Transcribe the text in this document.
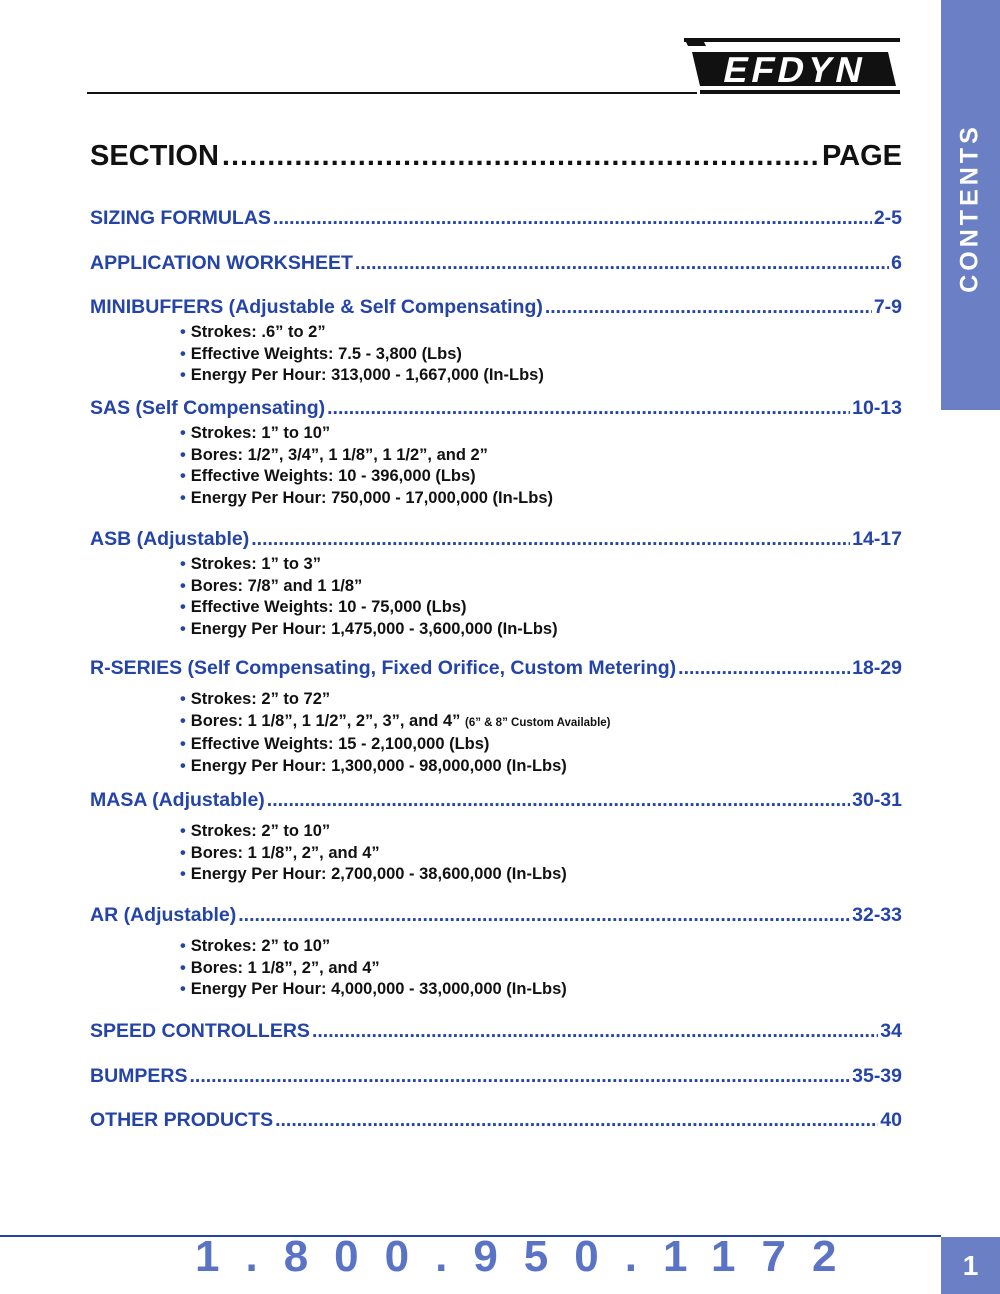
EFDYN
CONTENTS
SECTION .....	PAGE
SIZING FORMULAS .....	2-5
APPLICATION WORKSHEET .....	6
MINIBUFFERS (Adjustable & Self Compensating) .....	7-9
• Strokes: .6” to 2”
• Effective Weights: 7.5 - 3,800 (Lbs)
• Energy Per Hour: 313,000 - 1,667,000 (In-Lbs)
SAS (Self Compensating) .....	10-13
• Strokes: 1” to 10”
• Bores: 1/2”, 3/4”, 1 1/8”, 1 1/2”, and 2”
• Effective Weights: 10 - 396,000 (Lbs)
• Energy Per Hour: 750,000 - 17,000,000 (In-Lbs)
ASB (Adjustable) .....	14-17
• Strokes: 1” to 3”
• Bores: 7/8” and 1 1/8”
• Effective Weights: 10 - 75,000 (Lbs)
• Energy Per Hour: 1,475,000 - 3,600,000 (In-Lbs)
R-SERIES (Self Compensating, Fixed Orifice, Custom Metering) .....	18-29
• Strokes: 2” to 72”
• Bores: 1 1/8”, 1 1/2”, 2”, 3”, and 4” (6” & 8” Custom Available)
• Effective Weights: 15 - 2,100,000 (Lbs)
• Energy Per Hour: 1,300,000 - 98,000,000 (In-Lbs)
MASA (Adjustable) .....	30-31
• Strokes: 2” to 10”
• Bores: 1 1/8”, 2”, and 4”
• Energy Per Hour: 2,700,000 - 38,600,000 (In-Lbs)
AR (Adjustable) .....	32-33
• Strokes: 2” to 10”
• Bores: 1 1/8”, 2”, and 4”
• Energy Per Hour: 4,000,000 - 33,000,000 (In-Lbs)
SPEED CONTROLLERS .....	34
BUMPERS .....	35-39
OTHER PRODUCTS .....	40
1.800.950.1172	1
